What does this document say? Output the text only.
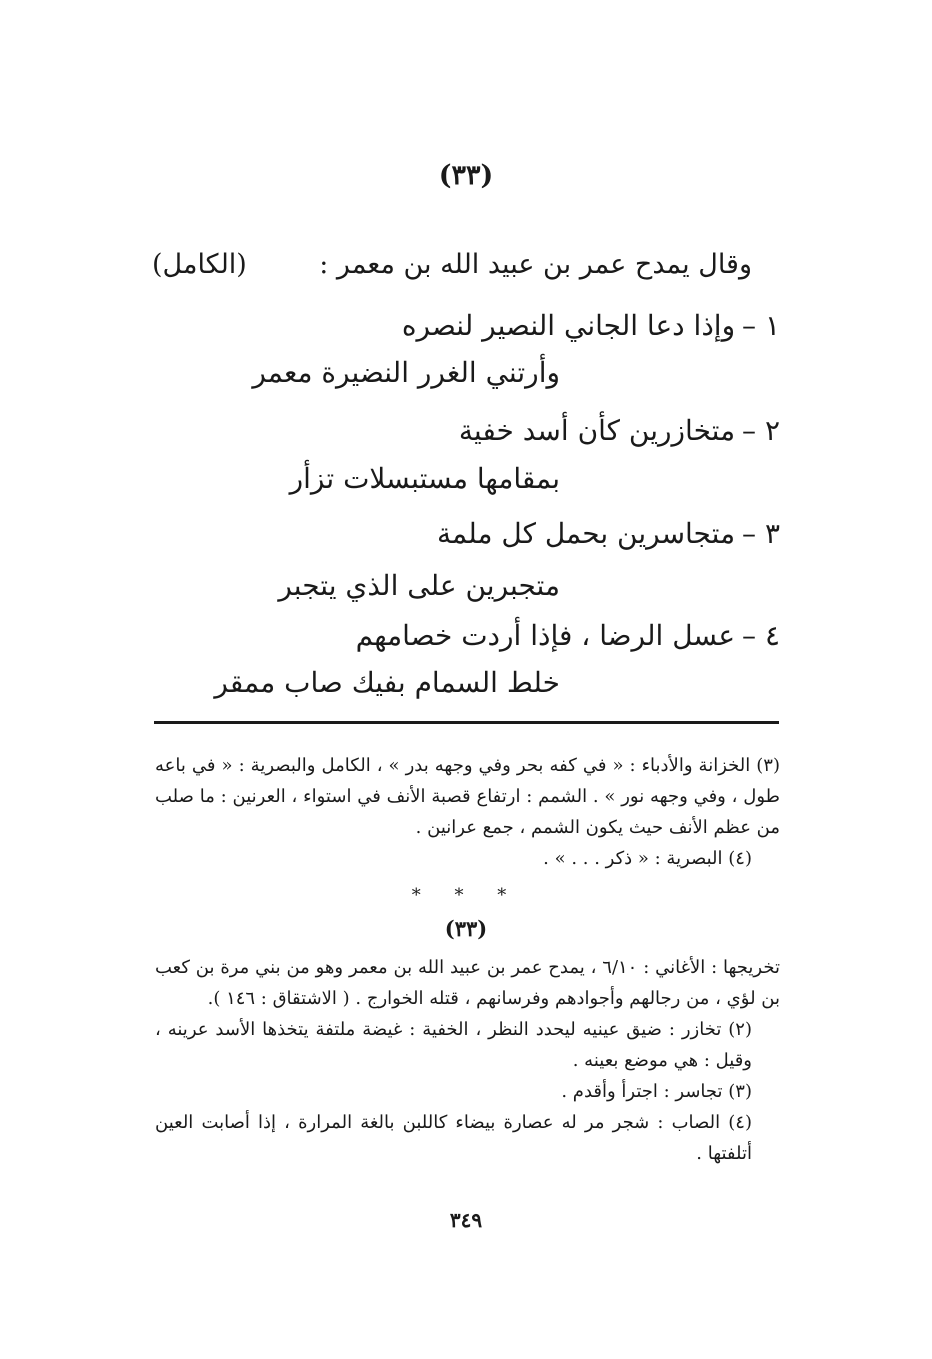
(٣٣)
وقال يمدح عمر بن عبيد الله بن معمر :
(الكامل)
١ – وإذا دعا الجاني النصير لنصره
وأرتني الغرر النضيرة معمر
٢ – متخازرين كأن أسد خفية
بمقامها مستبسلات تزأر
٣ – متجاسرين بحمل كل ملمة
متجبرين على الذي يتجبر
٤ – عسل الرضا ، فإذا أردت خصامهم
خلط السمام بفيك صاب ممقر

(٣) الخزانة والأدباء : « في كفه بحر وفي وجهه بدر » ، الكامل والبصرية : « في باعه طول ، وفي وجهه نور » . الشمم : ارتفاع قصبة الأنف في استواء ، العرنين : ما صلب من عظم الأنف حيث يكون الشمم ، جمع عرانين .

(٤) البصرية : « ذكر . . . » .

* * *
(٣٣)

تخريجها : الأغاني : ٦/١٠ ، يمدح عمر بن عبيد الله بن معمر وهو من بني مرة بن كعب بن لؤي ، من رجالهم وأجوادهم وفرسانهم ، قتله الخوارج . ( الاشتقاق : ١٤٦ ).

(٢) تخازر : ضيق عينيه ليحدد النظر ، الخفية : غيضة ملتفة يتخذها الأسد عرينه ، وقيل : هي موضع بعينه .

(٣) تجاسر : اجترأ وأقدم .

(٤) الصاب : شجر مر له عصارة بيضاء كاللبن بالغة المرارة ، إذا أصابت العين أتلفتها .

٣٤٩
